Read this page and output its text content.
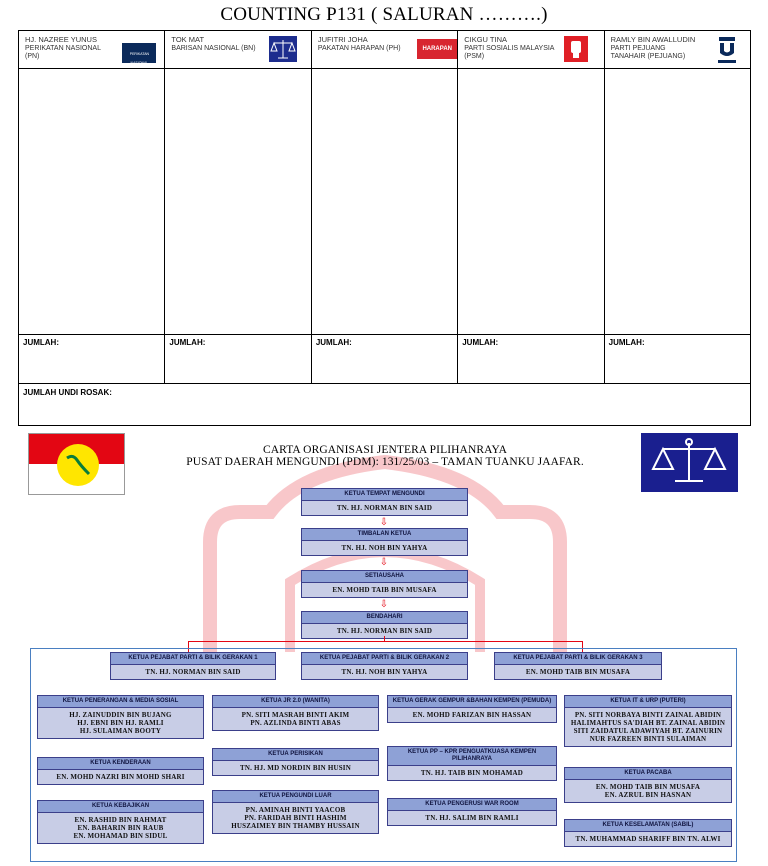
COUNTING P131 ( SALURAN ……….)
HJ. NAZREE YUNUS
PERIKATAN NASIONAL
(PN)	PERIKATAN NASIONAL
JUMLAH:
TOK MAT
BARISAN NASIONAL (BN)
JUMLAH:
JUFITRI JOHA
PAKATAN HARAPAN (PH)	HARAPAN
JUMLAH:
CIKGU TINA
PARTI SOSIALIS MALAYSIA
(PSM)
JUMLAH:
RAMLY BIN AWALLUDIN
PARTI PEJUANG
TANAHAIR (PEJUANG)
JUMLAH:
JUMLAH UNDI ROSAK:
CARTA ORGANISASI JENTERA PILIHANRAYA
PUSAT DAERAH MENGUNDI (PDM): 131/25/03 – TAMAN TUANKU JAAFAR.
KETUA TEMPAT MENGUNDI
TN. HJ. NORMAN BIN SAID
⇩
TIMBALAN KETUA
TN. HJ. NOH BIN YAHYA
⇩
SETIAUSAHA
EN. MOHD TAIB BIN MUSAFA
⇩
BENDAHARI
TN. HJ. NORMAN BIN SAID
KETUA PEJABAT PARTI & BILIK GERAKAN 1
TN. HJ. NORMAN BIN SAID
KETUA PEJABAT PARTI & BILIK GERAKAN 2
TN. HJ. NOH BIN YAHYA
KETUA PEJABAT PARTI & BILIK GERAKAN 3
EN. MOHD TAIB BIN MUSAFA
KETUA PENERANGAN & MEDIA SOSIAL
HJ. ZAINUDDIN BIN BUJANG
HJ. EBNI BIN HJ. RAMLI
HJ. SULAIMAN BOOTY
KETUA KENDERAAN
EN. MOHD NAZRI BIN MOHD SHARI
KETUA KEBAJIKAN
EN. RASHID BIN RAHMAT
EN. BAHARIN BIN RAUB
EN. MOHAMAD BIN SIDUL
KETUA JR 2.0 (WANITA)
PN. SITI MASRAH BINTI AKIM
PN. AZLINDA BINTI ABAS
KETUA PERISIKAN
TN. HJ. MD NORDIN BIN HUSIN
KETUA PENGUNDI LUAR
PN. AMINAH BINTI YAACOB
PN. FARIDAH BINTI HASHIM
HUSZAIMEY BIN THAMBY HUSSAIN
KETUA GERAK GEMPUR &BAHAN KEMPEN (PEMUDA)
EN. MOHD FARIZAN BIN HASSAN
KETUA PP – KPR PENGUATKUASA KEMPEN PILIHANRAYA
TN. HJ. TAIB BIN MOHAMAD
KETUA PENGERUSI WAR ROOM
TN. HJ. SALIM BIN RAMLI
KETUA IT & URP (PUTERI)
PN. SITI NORBAYA BINTI ZAINAL ABIDIN
HALIMAHTUS SA'DIAH BT. ZAINAL ABIDIN
SITI ZAIDATUL ADAWIYAH BT. ZAINURIN
NUR FAZREEN BINTI SULAIMAN
KETUA PACABA
EN. MOHD TAIB BIN MUSAFA
EN. AZRUL BIN HASNAN
KETUA KESELAMATAN (SABIL)
TN. MUHAMMAD SHARIFF BIN TN. ALWI
